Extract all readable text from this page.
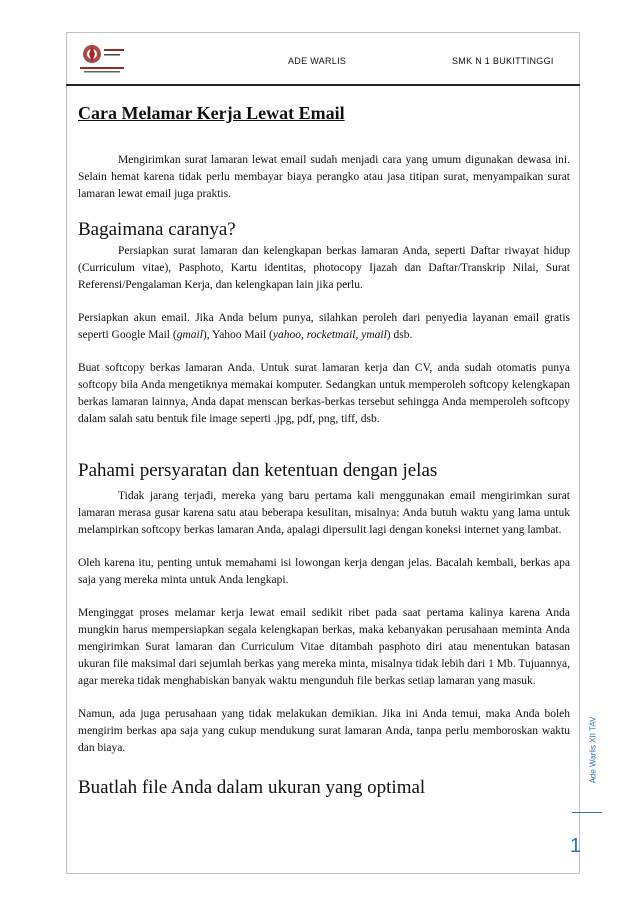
ADE WARLIS	SMK N 1 BUKITTINGGI
Cara Melamar Kerja Lewat Email

Mengirimkan surat lamaran lewat email sudah menjadi cara yang umum digunakan dewasa ini. Selain hemat karena tidak perlu membayar biaya perangko atau jasa titipan surat, menyampaikan surat lamaran lewat email juga praktis.

Bagaimana caranya?

Persiapkan surat lamaran dan kelengkapan berkas lamaran Anda, seperti Daftar riwayat hidup (Curriculum vitae), Pasphoto, Kartu identitas, photocopy Ijazah dan Daftar/Transkrip Nilai, Surat Referensi/Pengalaman Kerja, dan kelengkapan lain jika perlu.

Persiapkan akun email. Jika Anda belum punya, silahkan peroleh dari penyedia layanan email gratis seperti Google Mail (gmail), Yahoo Mail (yahoo, rocketmail, ymail) dsb.

Buat softcopy berkas lamaran Anda. Untuk surat lamaran kerja dan CV, anda sudah otomatis punya softcopy bila Anda mengetiknya memakai komputer. Sedangkan untuk memperoleh softcopy kelengkapan berkas lamaran lainnya, Anda dapat menscan berkas-berkas tersebut sehingga Anda memperoleh softcopy dalam salah satu bentuk file image seperti .jpg, pdf, png, tiff, dsb.

Pahami persyaratan dan ketentuan dengan jelas

Tidak jarang terjadi, mereka yang baru pertama kali menggunakan email mengirimkan surat lamaran merasa gusar karena satu atau beberapa kesulitan, misalnya: Anda butuh waktu yang lama untuk melampirkan softcopy berkas lamaran Anda, apalagi dipersulit lagi dengan koneksi internet yang lambat.

Oleh karena itu, penting untuk memahami isi lowongan kerja dengan jelas. Bacalah kembali, berkas apa saja yang mereka minta untuk Anda lengkapi.

Menginggat proses melamar kerja lewat email sedikit ribet pada saat pertama kalinya karena Anda mungkin harus mempersiapkan segala kelengkapan berkas, maka kebanyakan perusahaan meminta Anda mengirimkan Surat lamaran dan Curriculum Vitae ditambah pasphoto diri atau menentukan batasan ukuran file maksimal dari sejumlah berkas yang mereka minta, misalnya tidak lebih dari 1 Mb. Tujuannya, agar mereka tidak menghabiskan banyak waktu mengunduh file berkas setiap lamaran yang masuk.

Namun, ada juga perusahaan yang tidak melakukan demikian. Jika ini Anda temui, maka Anda boleh mengirim berkas apa saja yang cukup mendukung surat lamaran Anda, tanpa perlu memboroskan waktu dan biaya.

Buatlah file Anda dalam ukuran yang optimal
Ade Warlis XII TAV
1
